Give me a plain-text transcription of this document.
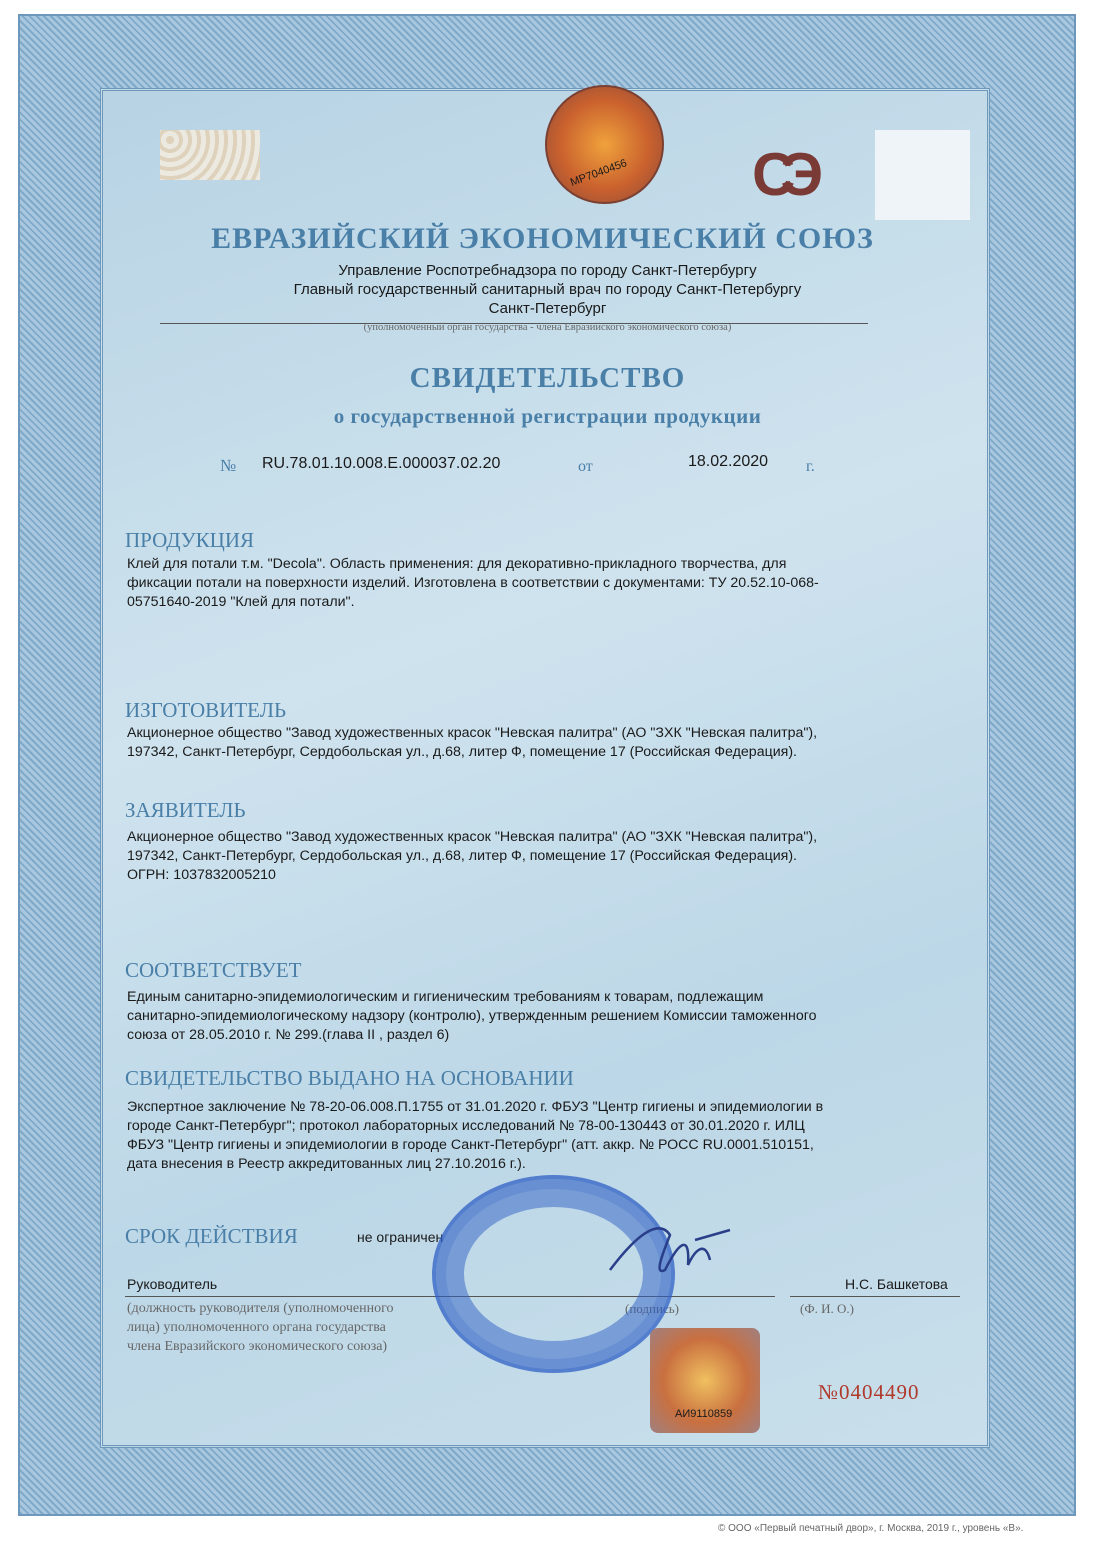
МР7040456 СЭ
ЕВРАЗИЙСКИЙ ЭКОНОМИЧЕСКИЙ СОЮЗ
Управление Роспотребнадзора по городу Санкт-Петербургу
Главный государственный санитарный врач по городу Санкт-Петербургу
Санкт-Петербург
(уполномоченный орган государства - члена Евразийского экономического союза)
СВИДЕТЕЛЬСТВО
о государственной регистрации продукции
№ RU.78.01.10.008.E.000037.02.20	от	18.02.2020 г.
ПРОДУКЦИЯ
Клей для потали т.м. "Decola". Область применения: для декоративно-прикладного творчества, для
фиксации потали на поверхности изделий. Изготовлена в соответствии с документами: ТУ 20.52.10-068-
05751640-2019 "Клей для потали".
ИЗГОТОВИТЕЛЬ
Акционерное общество "Завод художественных красок "Невская палитра" (АО "ЗХК "Невская палитра"),
197342, Санкт-Петербург, Сердобольская ул., д.68, литер Ф, помещение 17 (Российская Федерация).
ЗАЯВИТЕЛЬ
Акционерное общество "Завод художественных красок "Невская палитра" (АО "ЗХК "Невская палитра"),
197342, Санкт-Петербург, Сердобольская ул., д.68, литер Ф, помещение 17 (Российская Федерация).
ОГРН: 1037832005210
СООТВЕТСТВУЕТ
Единым санитарно-эпидемиологическим и гигиеническим требованиям к товарам, подлежащим
санитарно-эпидемиологическому надзору (контролю), утвержденным решением Комиссии таможенного
союза от 28.05.2010 г. № 299.(глава II , раздел 6)
СВИДЕТЕЛЬСТВО ВЫДАНО НА ОСНОВАНИИ
Экспертное заключение № 78-20-06.008.П.1755 от 31.01.2020 г. ФБУЗ "Центр гигиены и эпидемиологии в
городе Санкт-Петербург"; протокол лабораторных исследований № 78-00-130443 от 30.01.2020 г. ИЛЦ
ФБУЗ "Центр гигиены и эпидемиологии в городе Санкт-Петербург" (атт. аккр. № РОСС RU.0001.510151,
дата внесения в Реестр аккредитованных лиц 27.10.2016 г.).
СРОК ДЕЙСТВИЯ	не ограничен
Руководитель	Н.С. Башкетова
(должность руководителя (уполномоченного
лица) уполномоченного органа государства
члена Евразийского экономического союза)
(подпись)	(Ф. И. О.)
АИ9110859
№0404490
© ООО «Первый печатный двор», г. Москва, 2019 г., уровень «В».
